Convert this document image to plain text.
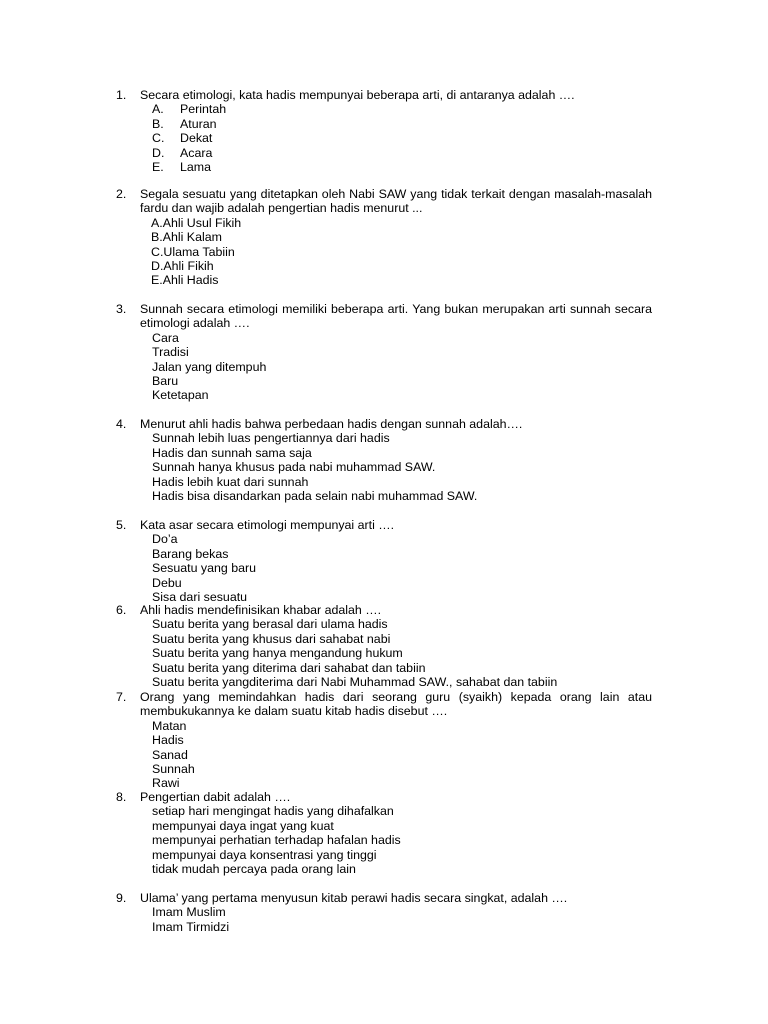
1.	Secara etimologi, kata hadis mempunyai beberapa arti, di antaranya adalah ….
A.	Perintah
B.	Aturan
C.	Dekat
D.	Acara
E.	Lama
2.	Segala sesuatu yang ditetapkan oleh Nabi SAW yang tidak terkait dengan masalah-masalah fardu dan wajib adalah pengertian hadis menurut ...
A.Ahli Usul Fikih
B.Ahli Kalam
C.Ulama Tabiin
D.Ahli Fikih
E.Ahli Hadis
3.	Sunnah secara etimologi memiliki beberapa arti. Yang bukan merupakan arti sunnah secara etimologi adalah ….
Cara
Tradisi
Jalan yang ditempuh
Baru
Ketetapan
4.	Menurut ahli hadis bahwa perbedaan hadis dengan sunnah adalah….
Sunnah lebih luas pengertiannya dari hadis
Hadis dan sunnah sama saja
Sunnah hanya khusus pada nabi muhammad SAW.
Hadis lebih kuat dari sunnah
Hadis bisa disandarkan pada selain nabi muhammad SAW.
5.	Kata asar secara etimologi mempunyai arti ….
Do’a
Barang bekas
Sesuatu yang baru
Debu
Sisa dari sesuatu
6.	Ahli hadis mendefinisikan khabar adalah ….
Suatu berita yang berasal dari ulama hadis
Suatu berita yang khusus dari sahabat nabi
Suatu berita yang hanya mengandung hukum
Suatu berita yang diterima dari sahabat dan tabiin
Suatu berita yangditerima dari Nabi Muhammad SAW., sahabat dan tabiin
7.	Orang yang memindahkan hadis dari seorang guru (syaikh) kepada orang lain atau membukukannya ke dalam suatu kitab hadis disebut ….
Matan
Hadis
Sanad
Sunnah
Rawi
8.	Pengertian dabit adalah ….
setiap hari mengingat hadis yang dihafalkan
mempunyai daya ingat yang kuat
mempunyai perhatian terhadap hafalan hadis
mempunyai daya konsentrasi yang tinggi
tidak mudah percaya pada orang lain
9.	Ulama’ yang pertama menyusun kitab perawi hadis secara singkat, adalah ….
Imam Muslim
Imam Tirmidzi
